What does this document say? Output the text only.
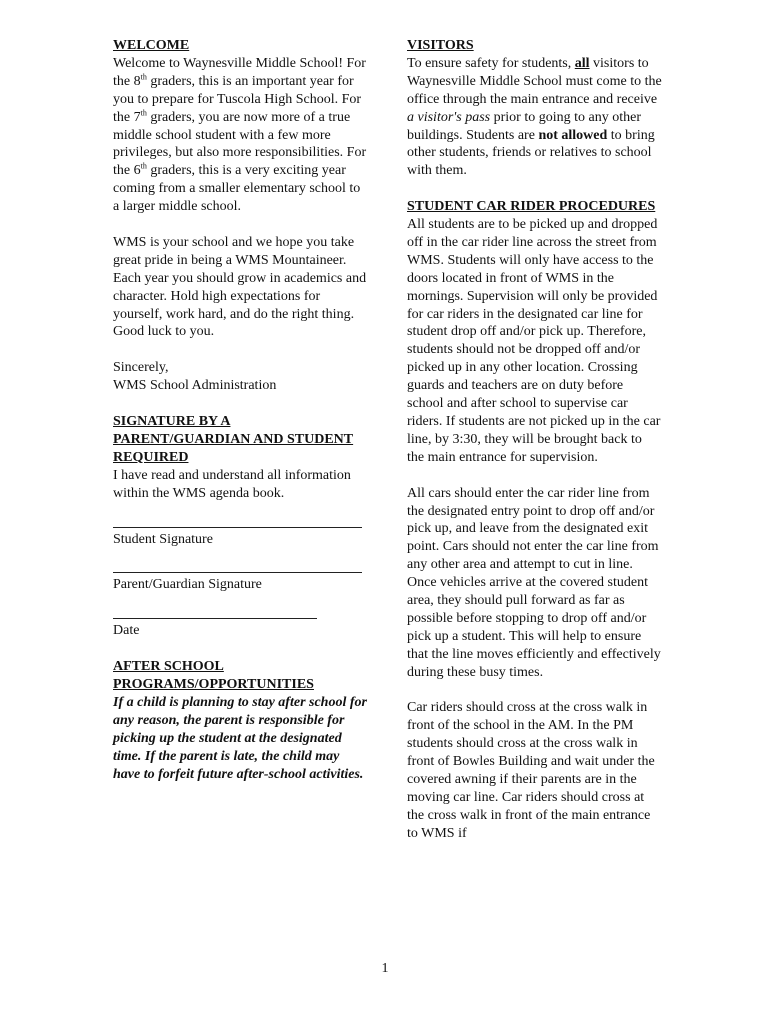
WELCOME

Welcome to Waynesville Middle School! For the 8th graders, this is an important year for you to prepare for Tuscola High School. For the 7th graders, you are now more of a true middle school student with a few more privileges, but also more responsibilities. For the 6th graders, this is a very exciting year coming from a smaller elementary school to a larger middle school.

WMS is your school and we hope you take great pride in being a WMS Mountaineer. Each year you should grow in academics and character. Hold high expectations for yourself, work hard, and do the right thing. Good luck to you.

Sincerely,

WMS School Administration

SIGNATURE BY A PARENT/GUARDIAN AND STUDENT REQUIRED
I have read and understand all information within the WMS agenda book.
Student Signature
Parent/Guardian Signature
Date
AFTER SCHOOL PROGRAMS/OPPORTUNITIES

If a child is planning to stay after school for any reason, the parent is responsible for picking up the student at the designated time. If the parent is late, the child may have to forfeit future after-school activities.

VISITORS

To ensure safety for students, all visitors to Waynesville Middle School must come to the office through the main entrance and receive a visitor's pass prior to going to any other buildings. Students are not allowed to bring other students, friends or relatives to school with them.

STUDENT CAR RIDER PROCEDURES

All students are to be picked up and dropped off in the car rider line across the street from WMS. Students will only have access to the doors located in front of WMS in the mornings. Supervision will only be provided for car riders in the designated car line for student drop off and/or pick up. Therefore, students should not be dropped off and/or picked up in any other location. Crossing guards and teachers are on duty before school and after school to supervise car riders. If students are not picked up in the car line, by 3:30, they will be brought back to the main entrance for supervision.

All cars should enter the car rider line from the designated entry point to drop off and/or pick up, and leave from the designated exit point. Cars should not enter the car line from any other area and attempt to cut in line. Once vehicles arrive at the covered student area, they should pull forward as far as possible before stopping to drop off and/or pick up a student. This will help to ensure that the line moves efficiently and effectively during these busy times.

Car riders should cross at the cross walk in front of the school in the AM. In the PM students should cross at the cross walk in front of Bowles Building and wait under the covered awning if their parents are in the moving car line. Car riders should cross at the cross walk in front of the main entrance to WMS if

1
